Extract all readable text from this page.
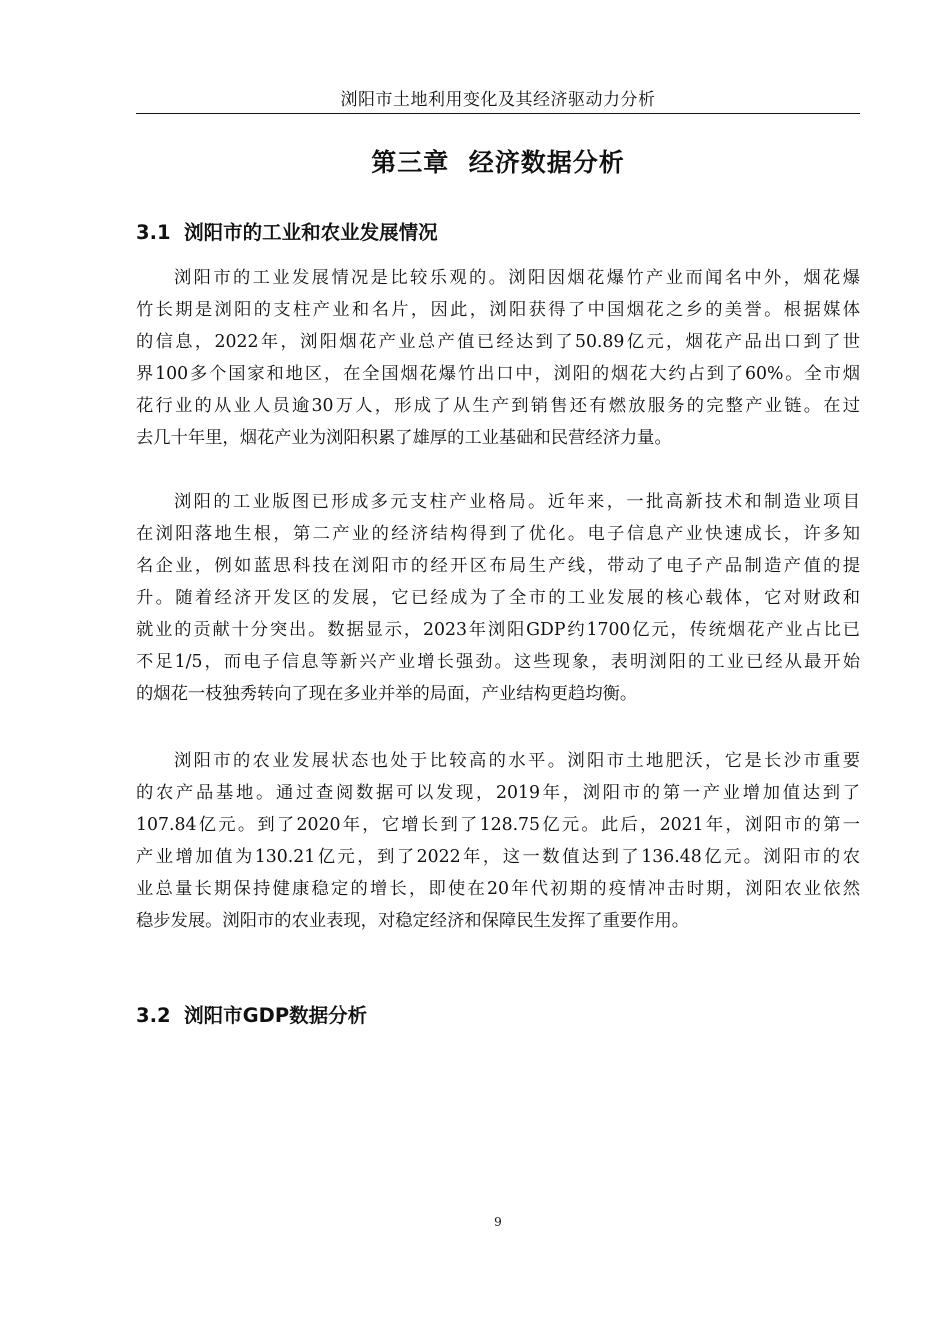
浏阳市土地利用变化及其经济驱动力分析
第三章  经济数据分析
3.1  浏阳市的工业和农业发展情况
浏阳市的工业发展情况是比较乐观的。浏阳因烟花爆竹产业而闻名中外，烟花爆
竹长期是浏阳的支柱产业和名片，因此，浏阳获得了中国烟花之乡的美誉。根据媒体
的信息，2022年，浏阳烟花产业总产值已经达到了50.89亿元，烟花产品出口到了世
界100多个国家和地区，在全国烟花爆竹出口中，浏阳的烟花大约占到了60%。全市烟
花行业的从业人员逾30万人，形成了从生产到销售还有燃放服务的完整产业链。在过
去几十年里，烟花产业为浏阳积累了雄厚的工业基础和民营经济力量。
浏阳的工业版图已形成多元支柱产业格局。近年来，一批高新技术和制造业项目
在浏阳落地生根，第二产业的经济结构得到了优化。电子信息产业快速成长，许多知
名企业，例如蓝思科技在浏阳市的经开区布局生产线，带动了电子产品制造产值的提
升。随着经济开发区的发展，它已经成为了全市的工业发展的核心载体，它对财政和
就业的贡献十分突出。数据显示，2023年浏阳GDP约1700亿元，传统烟花产业占比已
不足1/5，而电子信息等新兴产业增长强劲。这些现象，表明浏阳的工业已经从最开始
的烟花一枝独秀转向了现在多业并举的局面，产业结构更趋均衡。
浏阳市的农业发展状态也处于比较高的水平。浏阳市土地肥沃，它是长沙市重要
的农产品基地。通过查阅数据可以发现，2019年，浏阳市的第一产业增加值达到了
107.84亿元。到了2020年，它增长到了128.75亿元。此后，2021年，浏阳市的第一
产业增加值为130.21亿元，到了2022年，这一数值达到了136.48亿元。浏阳市的农
业总量长期保持健康稳定的增长，即使在20年代初期的疫情冲击时期，浏阳农业依然
稳步发展。浏阳市的农业表现，对稳定经济和保障民生发挥了重要作用。
3.2  浏阳市GDP数据分析
9
